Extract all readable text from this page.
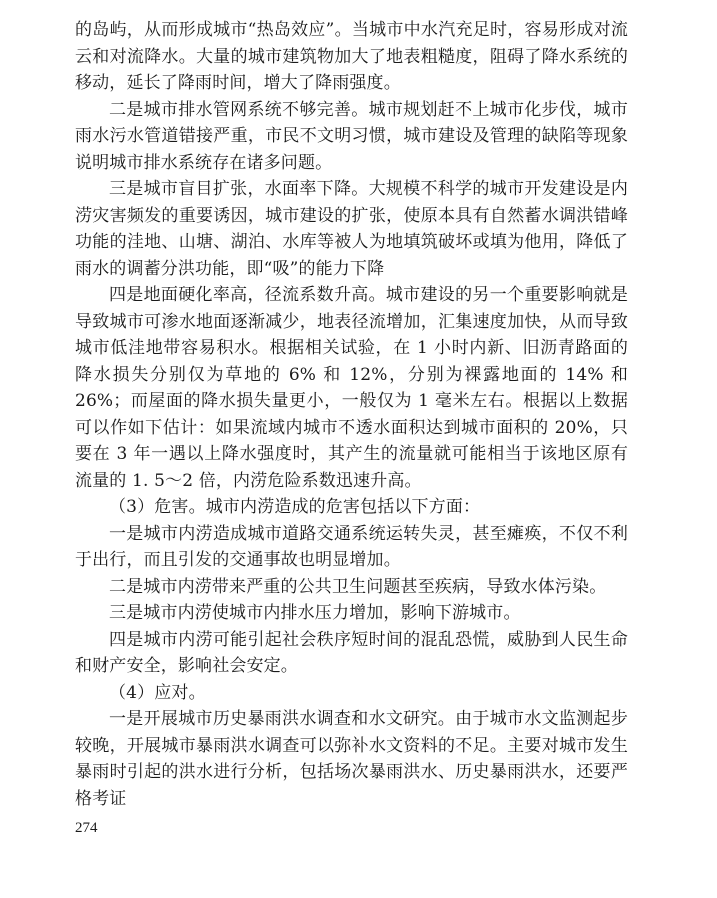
的岛屿，从而形成城市“热岛效应”。当城市中水汽充足时，容易形成对流云和对流降水。大量的城市建筑物加大了地表粗糙度，阻碍了降水系统的移动，延长了降雨时间，增大了降雨强度。

二是城市排水管网系统不够完善。城市规划赶不上城市化步伐，城市雨水污水管道错接严重，市民不文明习惯，城市建设及管理的缺陷等现象说明城市排水系统存在诸多问题。

三是城市盲目扩张，水面率下降。大规模不科学的城市开发建设是内涝灾害频发的重要诱因，城市建设的扩张，使原本具有自然蓄水调洪错峰功能的洼地、山塘、湖泊、水库等被人为地填筑破坏或填为他用，降低了雨水的调蓄分洪功能，即“吸”的能力下降

四是地面硬化率高，径流系数升高。城市建设的另一个重要影响就是导致城市可渗水地面逐渐减少，地表径流增加，汇集速度加快，从而导致城市低洼地带容易积水。根据相关试验，在 1 小时内新、旧沥青路面的降水损失分别仅为草地的 6% 和 12%，分别为裸露地面的 14% 和 26%；而屋面的降水损失量更小，一般仅为 1 毫米左右。根据以上数据可以作如下估计：如果流域内城市不透水面积达到城市面积的 20%，只要在 3 年一遇以上降水强度时，其产生的流量就可能相当于该地区原有流量的 1. 5～2 倍，内涝危险系数迅速升高。

（3）危害。城市内涝造成的危害包括以下方面：

一是城市内涝造成城市道路交通系统运转失灵，甚至瘫痪，不仅不利于出行，而且引发的交通事故也明显增加。

二是城市内涝带来严重的公共卫生问题甚至疾病，导致水体污染。

三是城市内涝使城市内排水压力增加，影响下游城市。

四是城市内涝可能引起社会秩序短时间的混乱恐慌，威胁到人民生命和财产安全，影响社会安定。

（4）应对。

一是开展城市历史暴雨洪水调查和水文研究。由于城市水文监测起步较晚，开展城市暴雨洪水调查可以弥补水文资料的不足。主要对城市发生暴雨时引起的洪水进行分析，包括场次暴雨洪水、历史暴雨洪水，还要严格考证

274
